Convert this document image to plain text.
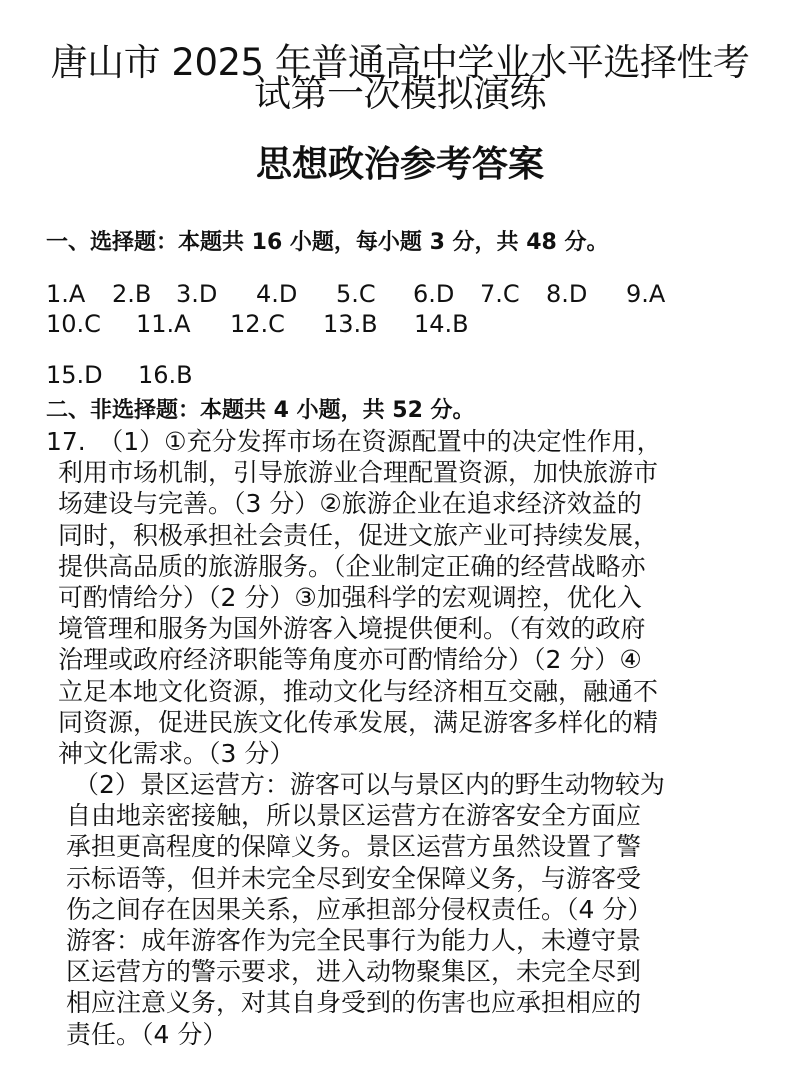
唐山市 2025 年普通高中学业水平选择性考
试第一次模拟演练
思想政治参考答案
一、选择题：本题共 16 小题，每小题 3 分，共 48 分。
1.A 2.B 3.D 4.D 5.C 6.D 7.C 8.D 9.A
10.C 11.A 12.C 13.B 14.B
15.D 16.B
二、非选择题：本题共 4 小题，共 52 分。
17.　（1）①充分发挥市场在资源配置中的决定性作用，
利用市场机制，引导旅游业合理配置资源，加快旅游市
场建设与完善。（3 分）②旅游企业在追求经济效益的
同时，积极承担社会责任，促进文旅产业可持续发展，
提供高品质的旅游服务。（企业制定正确的经营战略亦
可酌情给分）（2 分）③加强科学的宏观调控，优化入
境管理和服务为国外游客入境提供便利。（有效的政府
治理或政府经济职能等角度亦可酌情给分）（2 分）④
立足本地文化资源，推动文化与经济相互交融，融通不
同资源，促进民族文化传承发展，满足游客多样化的精
神文化需求。（3 分）
（2）景区运营方：游客可以与景区内的野生动物较为
自由地亲密接触，所以景区运营方在游客安全方面应
承担更高程度的保障义务。景区运营方虽然设置了警
示标语等，但并未完全尽到安全保障义务，与游客受
伤之间存在因果关系，应承担部分侵权责任。（4 分）
游客：成年游客作为完全民事行为能力人，未遵守景
区运营方的警示要求，进入动物聚集区，未完全尽到
相应注意义务，对其自身受到的伤害也应承担相应的
责任。（4 分）
